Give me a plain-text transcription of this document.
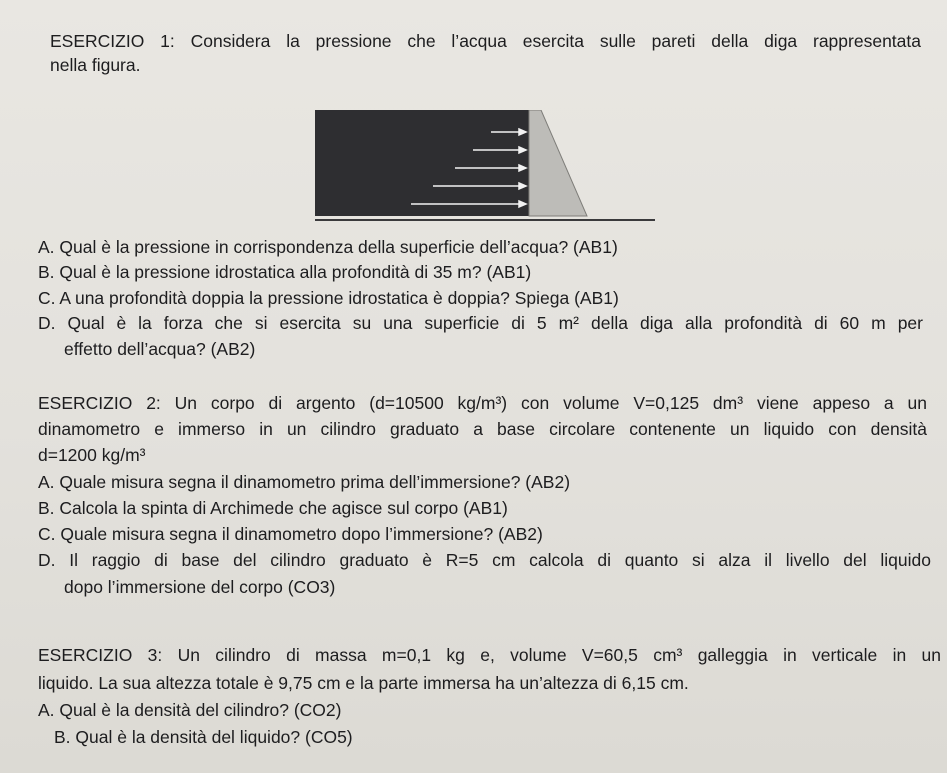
ESERCIZIO 1: Considera la pressione che l’acqua esercita sulle pareti della diga rappresentata
nella figura.
A. Qual è la pressione in corrispondenza della superficie dell’acqua? (AB1)
B. Qual è la pressione idrostatica alla profondità di 35 m? (AB1)
C. A una profondità doppia la pressione idrostatica è doppia? Spiega (AB1)
D. Qual è la forza che si esercita su una superficie di 5 m² della diga alla profondità di 60 m per
effetto dell’acqua? (AB2)
ESERCIZIO 2: Un corpo di argento (d=10500 kg/m³) con volume V=0,125 dm³ viene appeso a un
dinamometro e immerso in un cilindro graduato a base circolare contenente un liquido con densità
d=1200 kg/m³
A. Quale misura segna il dinamometro prima dell’immersione? (AB2)
B. Calcola la spinta di Archimede che agisce sul corpo (AB1)
C. Quale misura segna il dinamometro dopo l’immersione? (AB2)
D. Il raggio di base del cilindro graduato è R=5 cm calcola di quanto si alza il livello del liquido
dopo l’immersione del corpo (CO3)
ESERCIZIO 3: Un cilindro di massa m=0,1 kg e, volume V=60,5 cm³ galleggia in verticale in un
liquido. La sua altezza totale è 9,75 cm e la parte immersa ha un’altezza di 6,15 cm.
A. Qual è la densità del cilindro? (CO2)
B. Qual è la densità del liquido? (CO5)
